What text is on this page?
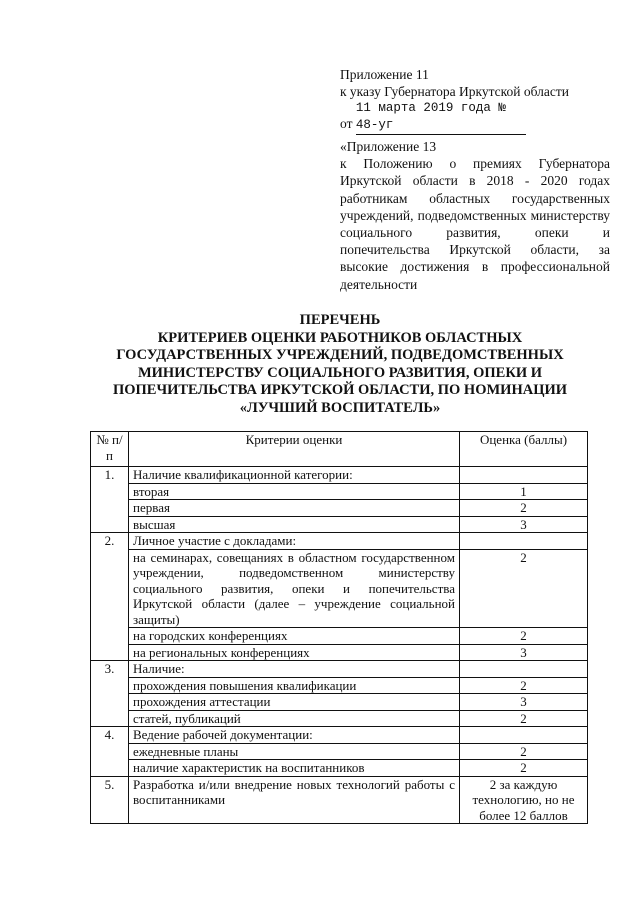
Приложение 11
к указу Губернатора Иркутской области
от 11 марта 2019 года № 48-уг
«Приложение 13
к Положению о премиях Губернатора Иркутской области в 2018 - 2020 годах работникам областных государственных учреждений, подведомственных министерству социального развития, опеки и попечительства Иркутской области, за высокие достижения в профессиональной деятельности
ПЕРЕЧЕНЬ
КРИТЕРИЕВ ОЦЕНКИ РАБОТНИКОВ ОБЛАСТНЫХ
ГОСУДАРСТВЕННЫХ УЧРЕЖДЕНИЙ, ПОДВЕДОМСТВЕННЫХ
МИНИСТЕРСТВУ СОЦИАЛЬНОГО РАЗВИТИЯ, ОПЕКИ И
ПОПЕЧИТЕЛЬСТВА ИРКУТСКОЙ ОБЛАСТИ, ПО НОМИНАЦИИ
«ЛУЧШИЙ ВОСПИТАТЕЛЬ»
№ п/п	Критерии оценки	Оценка (баллы)
1.	Наличие квалификационной категории:	
	вторая	1
	первая	2
	высшая	3
2.	Личное участие с докладами:	
	на семинарах, совещаниях в областном государственном учреждении, подведомственном министерству социального развития, опеки и попечительства Иркутской области (далее – учреждение социальной защиты)	2
	на городских конференциях	2
	на региональных конференциях	3
3.	Наличие:	
	прохождения повышения квалификации	2
	прохождения аттестации	3
	статей, публикаций	2
4.	Ведение рабочей документации:	
	ежедневные планы	2
	наличие характеристик на воспитанников	2
5.	Разработка и/или внедрение новых технологий работы с воспитанниками	2 за каждую технологию, но не более 12 баллов
